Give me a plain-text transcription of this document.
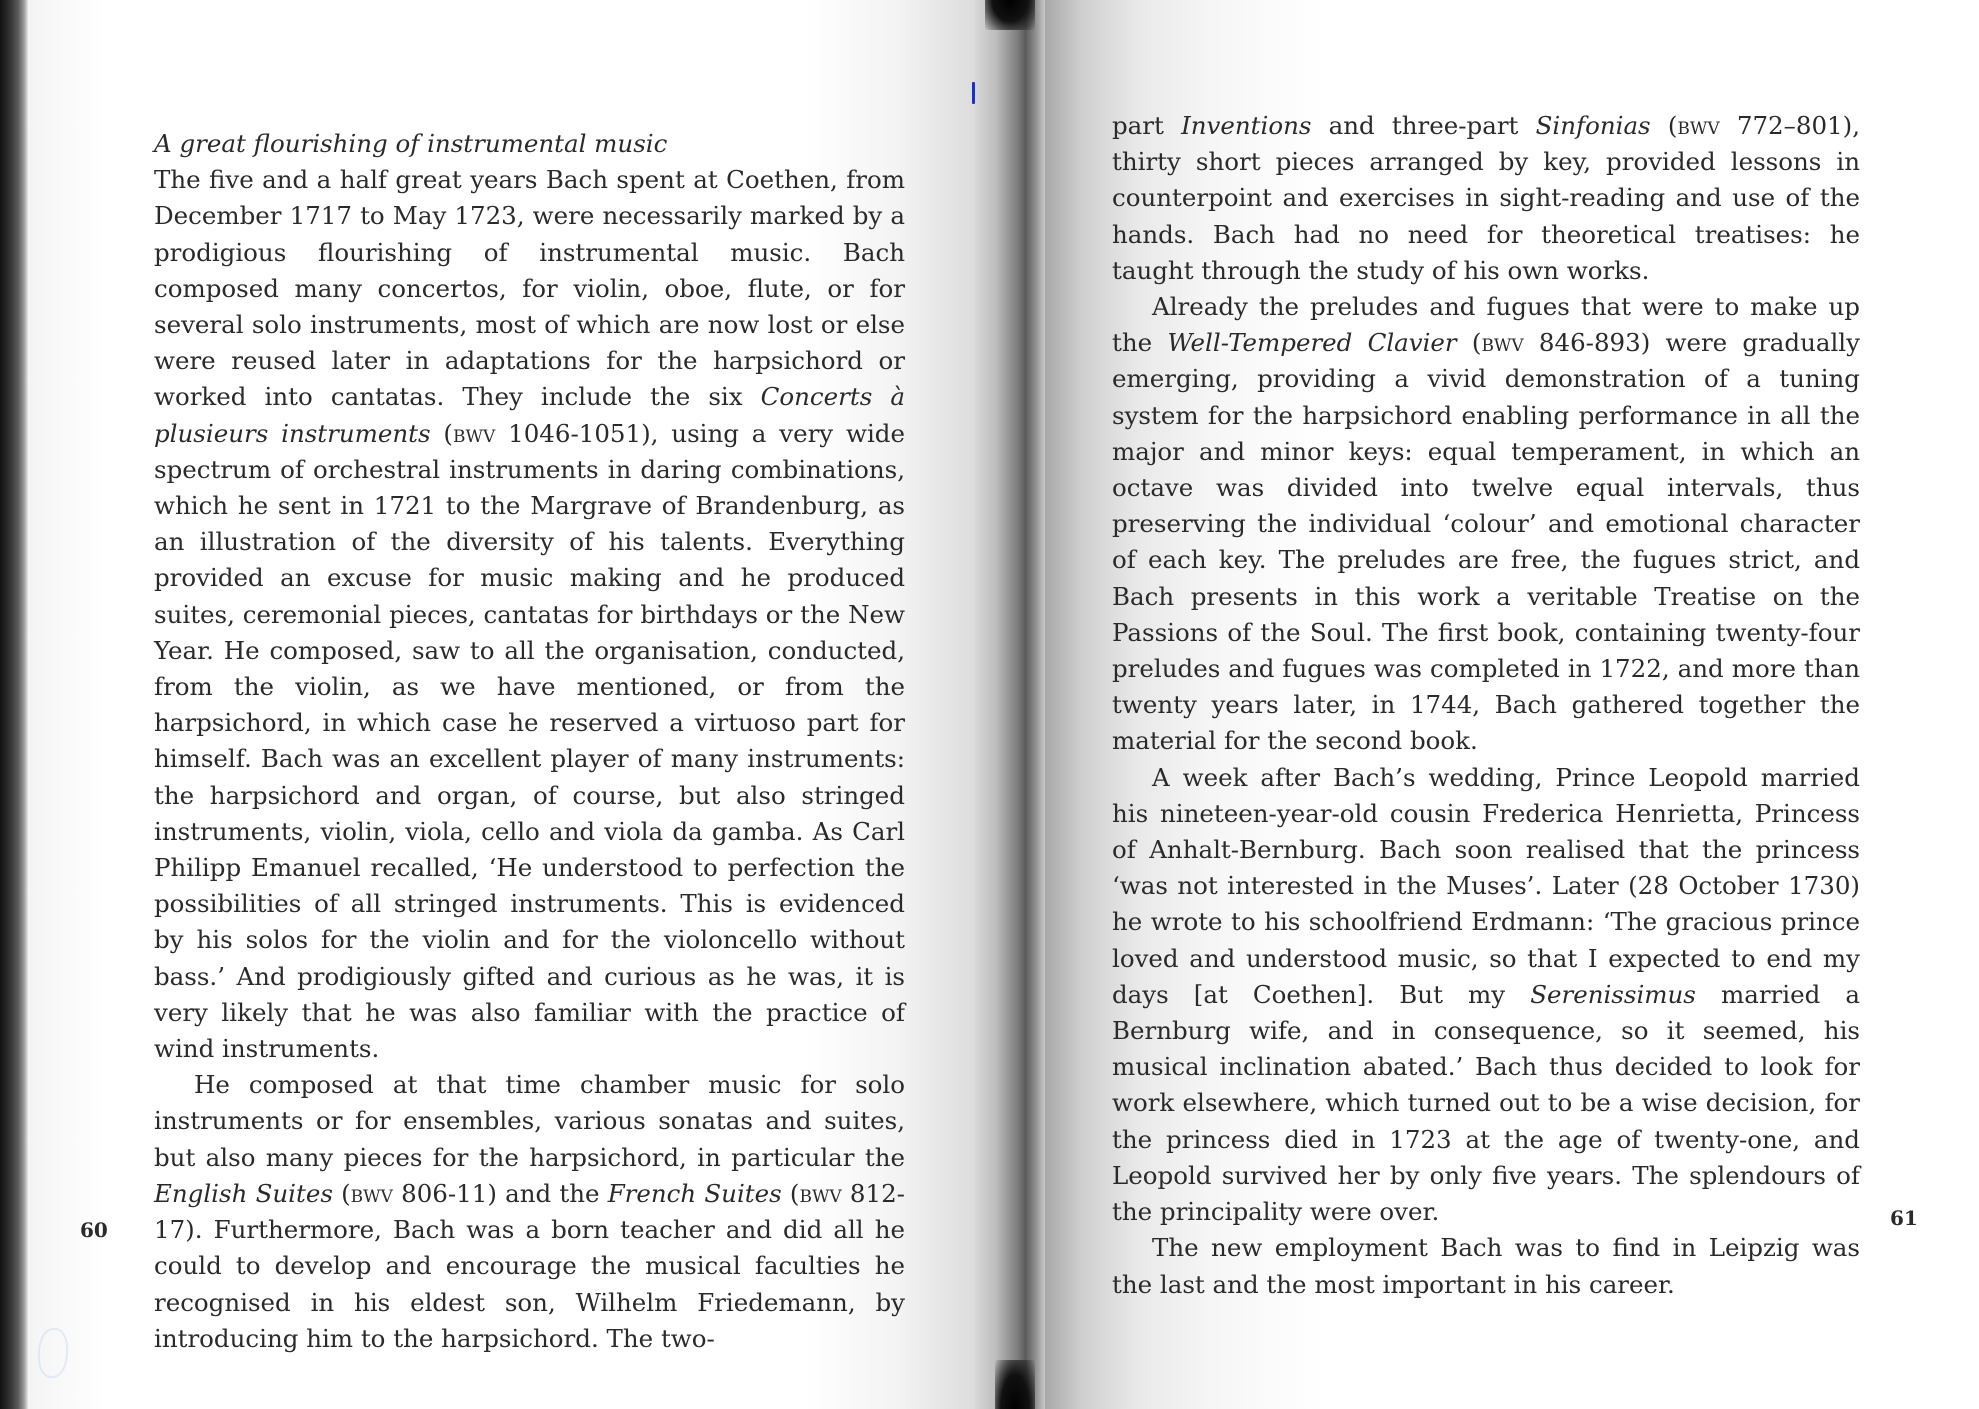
A great flourishing of instrumental music

The five and a half great years Bach spent at Coethen, from December 1717 to May 1723, were necessarily marked by a prodigious flourishing of instrumental music. Bach composed many concertos, for violin, oboe, flute, or for several solo instruments, most of which are now lost or else were reused later in adaptations for the harpsichord or worked into cantatas. They include the six Concerts à plusieurs instruments (bwv 1046-1051), using a very wide spectrum of orchestral instruments in daring combinations, which he sent in 1721 to the Margrave of Brandenburg, as an illustration of the diversity of his talents. Everything provided an excuse for music making and he produced suites, ceremonial pieces, cantatas for birthdays or the New Year. He composed, saw to all the organisation, conducted, from the violin, as we have mentioned, or from the harpsichord, in which case he reserved a virtuoso part for himself. Bach was an excellent player of many instruments: the harpsichord and organ, of course, but also stringed instruments, violin, viola, cello and viola da gamba. As Carl Philipp Emanuel recalled, ‘He understood to perfection the possibilities of all stringed instruments. This is evidenced by his solos for the violin and for the violoncello without bass.’ And prodigiously gifted and curious as he was, it is very likely that he was also familiar with the practice of wind instruments.

He composed at that time chamber music for solo instruments or for ensembles, various sonatas and suites, but also many pieces for the harpsichord, in particular the English Suites (bwv 806-11) and the French Suites (bwv 812-17). Furthermore, Bach was a born teacher and did all he could to develop and encourage the musical faculties he recognised in his eldest son, Wilhelm Friedemann, by introducing him to the harpsichord. The two-

part Inventions and three-part Sinfonias (bwv 772–801), thirty short pieces arranged by key, provided lessons in counterpoint and exercises in sight-reading and use of the hands. Bach had no need for theoretical treatises: he taught through the study of his own works.

Already the preludes and fugues that were to make up the Well-Tempered Clavier (bwv 846-893) were gradually emerging, providing a vivid demonstration of a tuning system for the harpsichord enabling performance in all the major and minor keys: equal temperament, in which an octave was divided into twelve equal intervals, thus preserving the individual ‘colour’ and emotional character of each key. The preludes are free, the fugues strict, and Bach presents in this work a veritable Treatise on the Passions of the Soul. The first book, containing twenty-four preludes and fugues was completed in 1722, and more than twenty years later, in 1744, Bach gathered together the material for the second book.

A week after Bach’s wedding, Prince Leopold married his nineteen-year-old cousin Frederica Henrietta, Princess of Anhalt-Bernburg. Bach soon realised that the princess ‘was not interested in the Muses’. Later (28 October 1730) he wrote to his schoolfriend Erdmann: ‘The gracious prince loved and understood music, so that I expected to end my days [at Coethen]. But my Serenissimus married a Bernburg wife, and in consequence, so it seemed, his musical inclination abated.’ Bach thus decided to look for work elsewhere, which turned out to be a wise decision, for the princess died in 1723 at the age of twenty-one, and Leopold survived her by only five years. The splendours of the principality were over.

The new employment Bach was to find in Leipzig was the last and the most important in his career.

60	61
